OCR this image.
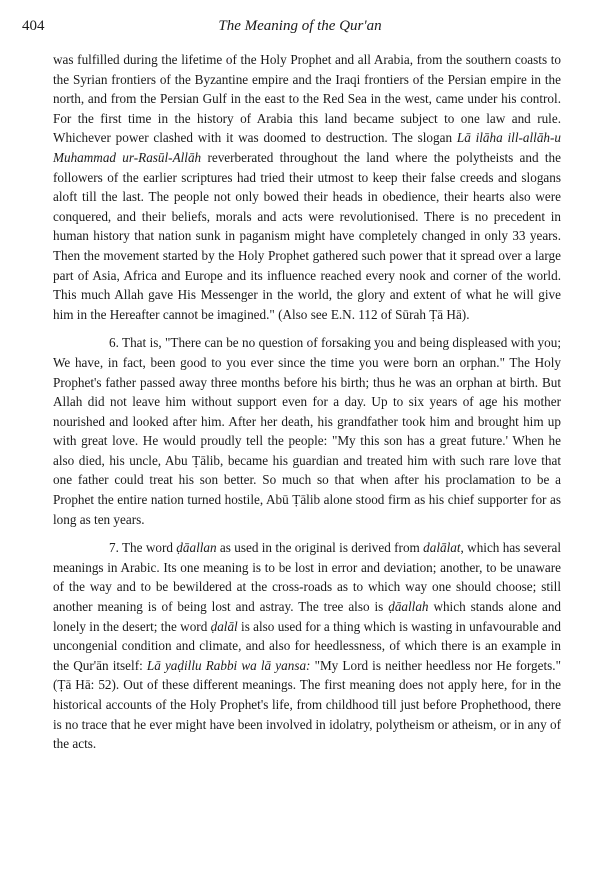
404	The Meaning of the Qur'an

was fulfilled during the lifetime of the Holy Prophet and all Arabia, from the southern coasts to the Syrian frontiers of the Byzantine empire and the Iraqi frontiers of the Persian empire in the north, and from the Persian Gulf in the east to the Red Sea in the west, came under his control. For the first time in the history of Arabia this land became subject to one law and rule. Whichever power clashed with it was doomed to destruction. The slogan Lā ilāha ill-allāh-u Muhammad ur-Rasūl-Allāh reverberated throughout the land where the polytheists and the followers of the earlier scriptures had tried their utmost to keep their false creeds and slogans aloft till the last. The people not only bowed their heads in obedience, their hearts also were conquered, and their beliefs, morals and acts were revolutionised. There is no precedent in human history that nation sunk in paganism might have completely changed in only 33 years. Then the movement started by the Holy Prophet gathered such power that it spread over a large part of Asia, Africa and Europe and its influence reached every nook and corner of the world. This much Allah gave His Messenger in the world, the glory and extent of what he will give him in the Hereafter cannot be imagined." (Also see E.N. 112 of Sūrah Ṭā Hā).

6. That is, "There can be no question of forsaking you and being displeased with you; We have, in fact, been good to you ever since the time you were born an orphan." The Holy Prophet's father passed away three months before his birth; thus he was an orphan at birth. But Allah did not leave him without support even for a day. Up to six years of age his mother nourished and looked after him. After her death, his grandfather took him and brought him up with great love. He would proudly tell the people: "My this son has a great future.' When he also died, his uncle, Abu Ṭālib, became his guardian and treated him with such rare love that one father could treat his son better. So much so that when after his proclamation to be a Prophet the entire nation turned hostile, Abū Ṭālib alone stood firm as his chief supporter for as long as ten years.

7. The word ḍāallan as used in the original is derived from dalālat, which has several meanings in Arabic. Its one meaning is to be lost in error and deviation; another, to be unaware of the way and to be bewildered at the cross-roads as to which way one should choose; still another meaning is of being lost and astray. The tree also is ḍāallah which stands alone and lonely in the desert; the word ḍalāl is also used for a thing which is wasting in unfavourable and uncongenial condition and climate, and also for heedlessness, of which there is an example in the Qur'ān itself: Lā yaḍillu Rabbi wa lā yansa: "My Lord is neither heedless nor He forgets." (Ṭā Hā: 52). Out of these different meanings. The first meaning does not apply here, for in the historical accounts of the Holy Prophet's life, from childhood till just before Prophethood, there is no trace that he ever might have been involved in idolatry, polytheism or atheism, or in any of the acts.
